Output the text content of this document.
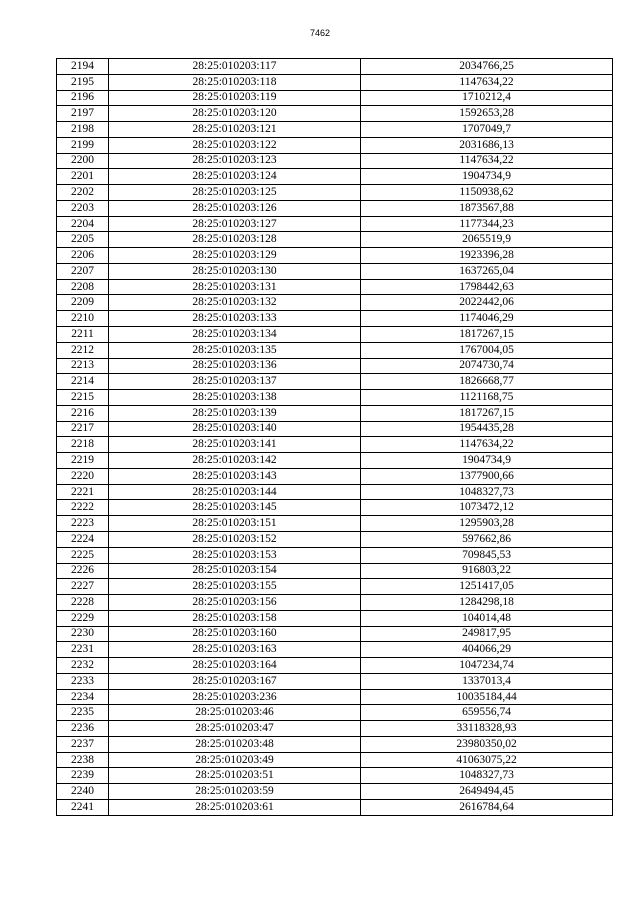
7462
2194	28:25:010203:117	2034766,25
2195	28:25:010203:118	1147634,22
2196	28:25:010203:119	1710212,4
2197	28:25:010203:120	1592653,28
2198	28:25:010203:121	1707049,7
2199	28:25:010203:122	2031686,13
2200	28:25:010203:123	1147634,22
2201	28:25:010203:124	1904734,9
2202	28:25:010203:125	1150938,62
2203	28:25:010203:126	1873567,88
2204	28:25:010203:127	1177344,23
2205	28:25:010203:128	2065519,9
2206	28:25:010203:129	1923396,28
2207	28:25:010203:130	1637265,04
2208	28:25:010203:131	1798442,63
2209	28:25:010203:132	2022442,06
2210	28:25:010203:133	1174046,29
2211	28:25:010203:134	1817267,15
2212	28:25:010203:135	1767004,05
2213	28:25:010203:136	2074730,74
2214	28:25:010203:137	1826668,77
2215	28:25:010203:138	1121168,75
2216	28:25:010203:139	1817267,15
2217	28:25:010203:140	1954435,28
2218	28:25:010203:141	1147634,22
2219	28:25:010203:142	1904734,9
2220	28:25:010203:143	1377900,66
2221	28:25:010203:144	1048327,73
2222	28:25:010203:145	1073472,12
2223	28:25:010203:151	1295903,28
2224	28:25:010203:152	597662,86
2225	28:25:010203:153	709845,53
2226	28:25:010203:154	916803,22
2227	28:25:010203:155	1251417,05
2228	28:25:010203:156	1284298,18
2229	28:25:010203:158	104014,48
2230	28:25:010203:160	249817,95
2231	28:25:010203:163	404066,29
2232	28:25:010203:164	1047234,74
2233	28:25:010203:167	1337013,4
2234	28:25:010203:236	10035184,44
2235	28:25:010203:46	659556,74
2236	28:25:010203:47	33118328,93
2237	28:25:010203:48	23980350,02
2238	28:25:010203:49	41063075,22
2239	28:25:010203:51	1048327,73
2240	28:25:010203:59	2649494,45
2241	28:25:010203:61	2616784,64
